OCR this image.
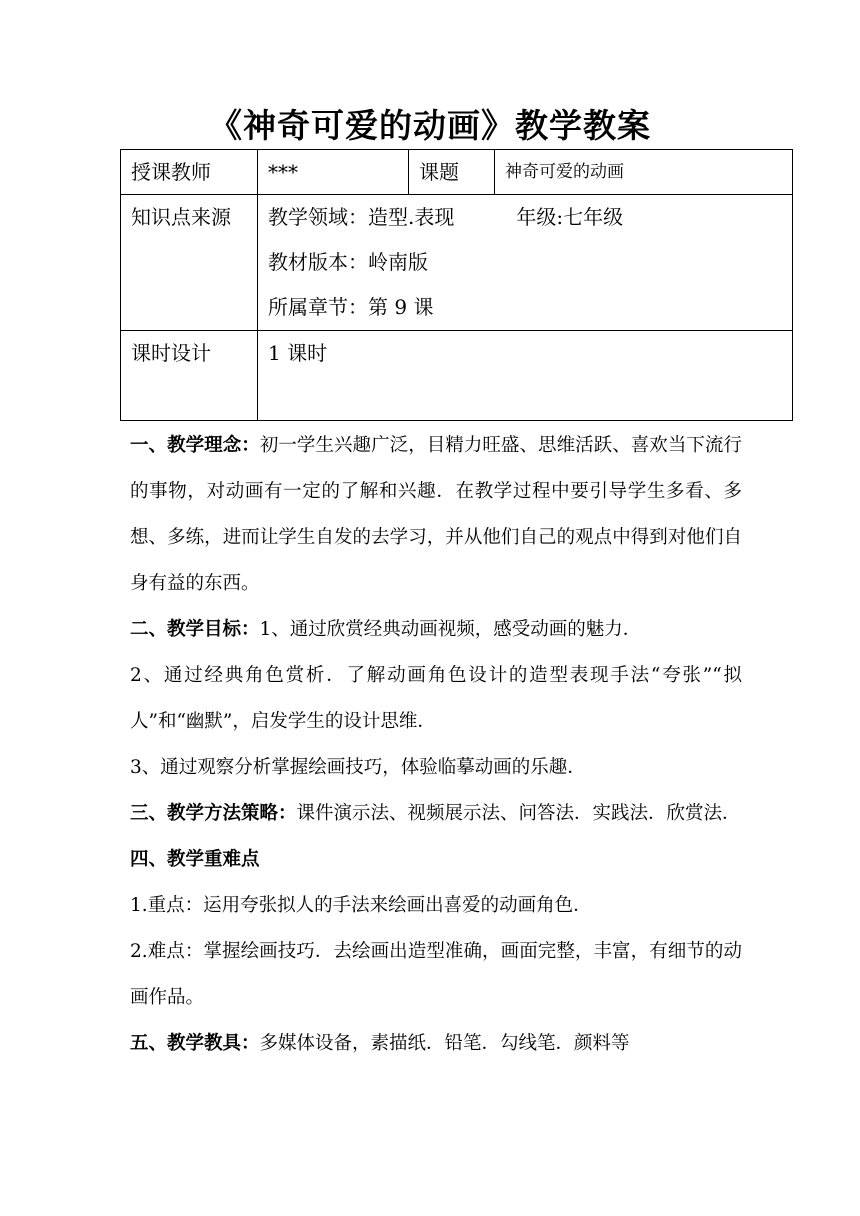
《神奇可爱的动画》教学教案
授课教师	***	课题	神奇可爱的动画
知识点来源	教学领域：造型.表现 年级:七年级
教材版本：岭南版
所属章节：第 9 课		

课时设计	1 课时		

一、教学理念：初一学生兴趣广泛，目精力旺盛、思维活跃、喜欢当下流行的事物，对动画有一定的了解和兴趣．在教学过程中要引导学生多看、多想、多练，进而让学生自发的去学习，并从他们自己的观点中得到对他们自身有益的东西。

二、教学目标：1、通过欣赏经典动画视频，感受动画的魅力．

2、通过经典角色赏析．了解动画角色设计的造型表现手法“夸张”“拟人”和“幽默”，启发学生的设计思维．

3、通过观察分析掌握绘画技巧，体验临摹动画的乐趣．

三、教学方法策略：课件演示法、视频展示法、问答法．实践法．欣赏法．

四、教学重难点

1.重点：运用夸张拟人的手法来绘画出喜爱的动画角色．

2.难点：掌握绘画技巧．去绘画出造型准确，画面完整，丰富，有细节的动画作品。

五、教学教具：多媒体设备，素描纸．铅笔．勾线笔．颜料等
